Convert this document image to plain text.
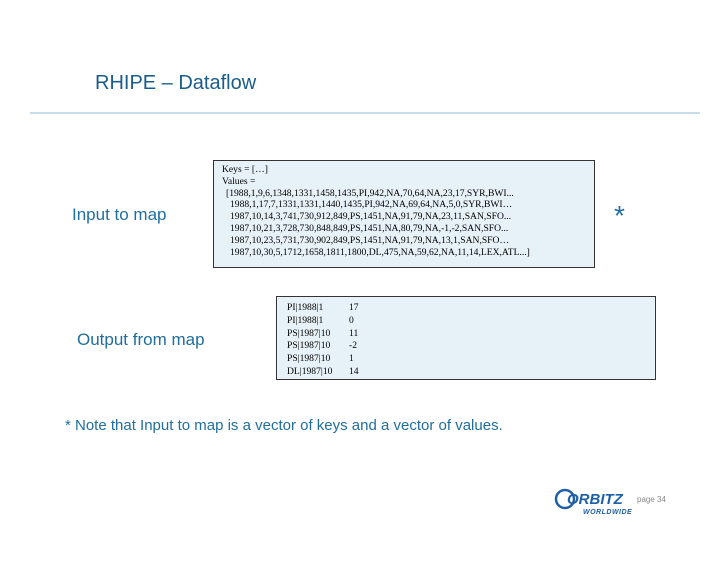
RHIPE – Dataflow
Input to map
Keys = […]
Values =
[1988,1,9,6,1348,1331,1458,1435,PI,942,NA,70,64,NA,23,17,SYR,BWI...
1988,1,17,7,1331,1331,1440,1435,PI,942,NA,69,64,NA,5,0,SYR,BWI…
1987,10,14,3,741,730,912,849,PS,1451,NA,91,79,NA,23,11,SAN,SFO...
1987,10,21,3,728,730,848,849,PS,1451,NA,80,79,NA,-1,-2,SAN,SFO...
1987,10,23,5,731,730,902,849,PS,1451,NA,91,79,NA,13,1,SAN,SFO…
1987,10,30,5,1712,1658,1811,1800,DL,475,NA,59,62,NA,11,14,LEX,ATL...]
*
Output from map
PI|1988|1	17
PI|1988|1	0
PS|1987|10	11
PS|1987|10	-2
PS|1987|10	1
DL|1987|10	14
* Note that Input to map is a vector of keys and a vector of values.
ORBITZ
WORLDWIDE
page 34
